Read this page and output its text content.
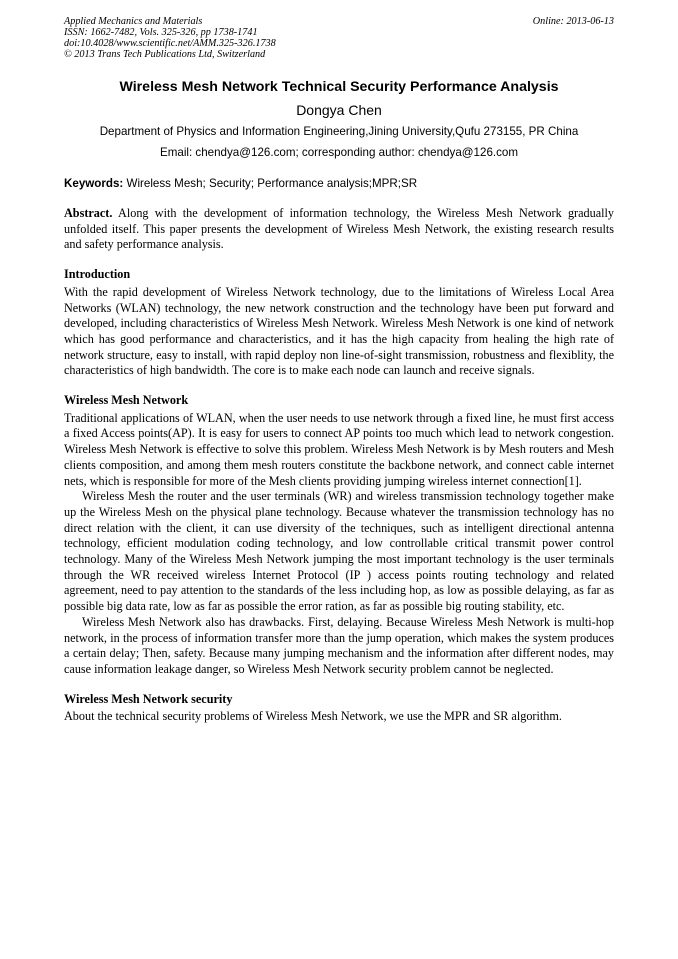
Applied Mechanics and Materials
ISSN: 1662-7482, Vols. 325-326, pp 1738-1741
doi:10.4028/www.scientific.net/AMM.325-326.1738
© 2013 Trans Tech Publications Ltd, Switzerland
Online: 2013-06-13
Wireless Mesh Network Technical Security Performance Analysis
Dongya Chen
Department of Physics and Information Engineering,Jining University,Qufu 273155, PR China
Email: chendya@126.com; corresponding author: chendya@126.com
Keywords: Wireless Mesh; Security; Performance analysis;MPR;SR
Abstract. Along with the development of information technology, the Wireless Mesh Network gradually unfolded itself. This paper presents the development of Wireless Mesh Network, the existing research results and safety performance analysis.
Introduction

With the rapid development of Wireless Network technology, due to the limitations of Wireless Local Area Networks (WLAN) technology, the new network construction and the technology have been put forward and developed, including characteristics of Wireless Mesh Network. Wireless Mesh Network is one kind of network which has good performance and characteristics, and it has the high capacity from healing the high rate of network structure, easy to install, with rapid deploy non line-of-sight transmission, robustness and flexiblity, the characteristics of high bandwidth. The core is to make each node can launch and receive signals.

Wireless Mesh Network

Traditional applications of WLAN, when the user needs to use network through a fixed line, he must first access a fixed Access points(AP). It is easy for users to connect AP points too much which lead to network congestion. Wireless Mesh Network is effective to solve this problem. Wireless Mesh Network is by Mesh routers and Mesh clients composition, and among them mesh routers constitute the backbone network, and connect cable internet nets, which is responsible for more of the Mesh clients providing jumping wireless internet connection[1].

Wireless Mesh the router and the user terminals (WR) and wireless transmission technology together make up the Wireless Mesh on the physical plane technology. Because whatever the transmission technology has no direct relation with the client, it can use diversity of the techniques, such as intelligent directional antenna technology, efficient modulation coding technology, and low controllable critical transmit power control technology. Many of the Wireless Mesh Network jumping the most important technology is the user terminals through the WR received wireless Internet Protocol (IP ) access points routing technology and related agreement, need to pay attention to the standards of the less including hop, as low as possible delaying, as far as possible big data rate, low as far as possible the error ration, as far as possible big routing stability, etc.

Wireless Mesh Network also has drawbacks. First, delaying. Because Wireless Mesh Network is multi-hop network, in the process of information transfer more than the jump operation, which makes the system produces a certain delay; Then, safety. Because many jumping mechanism and the information after different nodes, may cause information leakage danger, so Wireless Mesh Network security problem cannot be neglected.

Wireless Mesh Network security

About the technical security problems of Wireless Mesh Network, we use the MPR and SR algorithm.
